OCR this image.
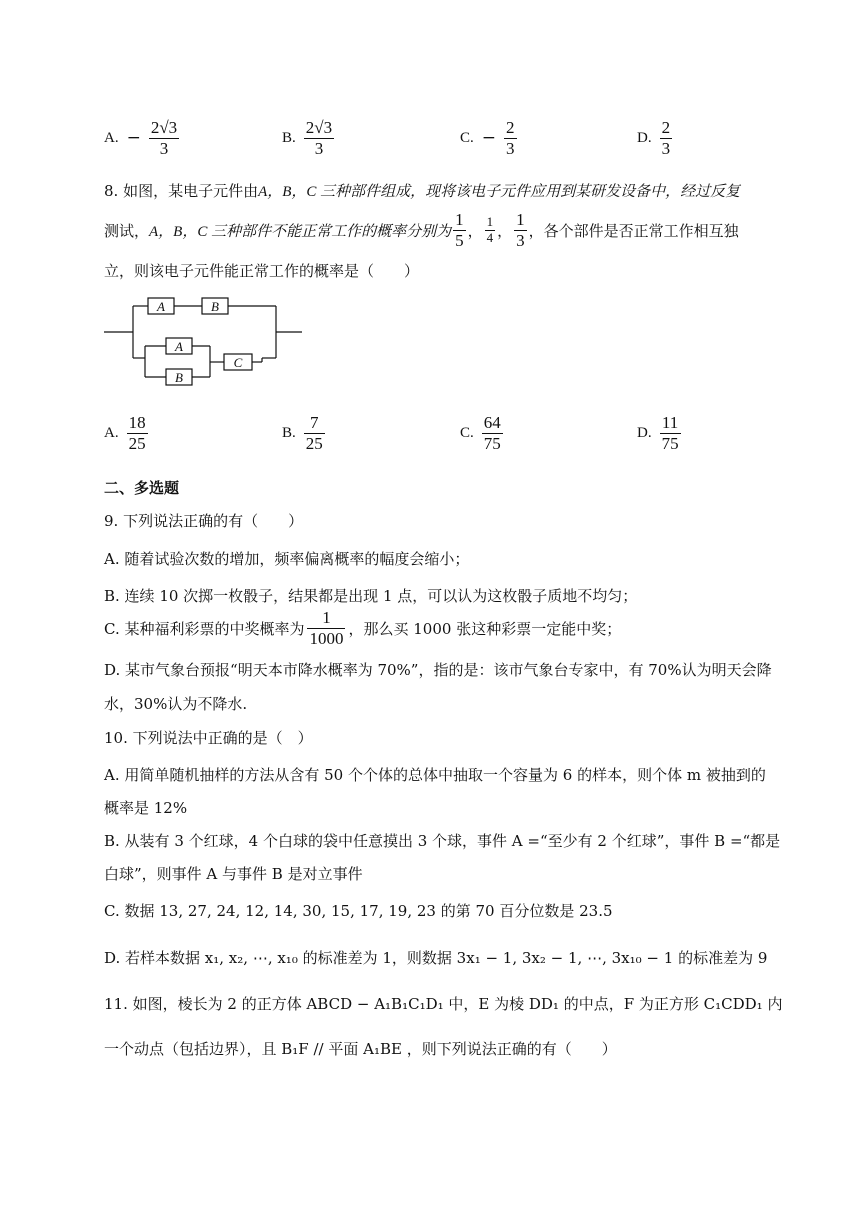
A. − $\frac{2√3}{3}$	B. $\frac{2√3}{3}$	C. − $\frac{2}{3}$	D. $\frac{2}{3}$
8. 如图，某电子元件由A，B，C 三种部件组成，现将该电子元件应用到某研发设备中，经过反复
测试， A，B，C 三种部件不能正常工作的概率分别为 $\frac{1}{5}$ ， $\frac{1}{4}$ ， $\frac{1}{3}$ ，各个部件是否正常工作相互独
立，则该电子元件能正常工作的概率是（　　）
A	B
A
B
C
A. $\frac{18}{25}$	B. $\frac{7}{25}$	C. $\frac{64}{75}$	D. $\frac{11}{75}$
二、多选题
9. 下列说法正确的有（　　）
A. 随着试验次数的增加，频率偏离概率的幅度会缩小；
B. 连续 10 次掷一枚骰子，结果都是出现 1 点，可以认为这枚骰子质地不均匀；
C. 某种福利彩票的中奖概率为 $\frac{1}{1000}$ ，那么买 1000 张这种彩票一定能中奖；
D. 某市气象台预报“明天本市降水概率为 70%”，指的是：该市气象台专家中，有 70%认为明天会降
水，30%认为不降水.
10. 下列说法中正确的是（　）
A. 用简单随机抽样的方法从含有 50 个个体的总体中抽取一个容量为 6 的样本，则个体 m 被抽到的
概率是 12%
B. 从装有 3 个红球，4 个白球的袋中任意摸出 3 个球，事件 A =“至少有 2 个红球”，事件 B =“都是
白球”，则事件 A 与事件 B 是对立事件
C. 数据 13, 27, 24, 12, 14, 30, 15, 17, 19, 23 的第 70 百分位数是 23.5
D. 若样本数据 x₁, x₂, ⋯, x₁₀ 的标准差为 1，则数据 3x₁ − 1, 3x₂ − 1, ⋯, 3x₁₀ − 1 的标准差为 9
11. 如图，棱长为 2 的正方体 ABCD − A₁B₁C₁D₁ 中，E 为棱 DD₁ 的中点，F 为正方形 C₁CDD₁ 内
一个动点（包括边界），且 B₁F // 平面 A₁BE ，则下列说法正确的有（　　）
